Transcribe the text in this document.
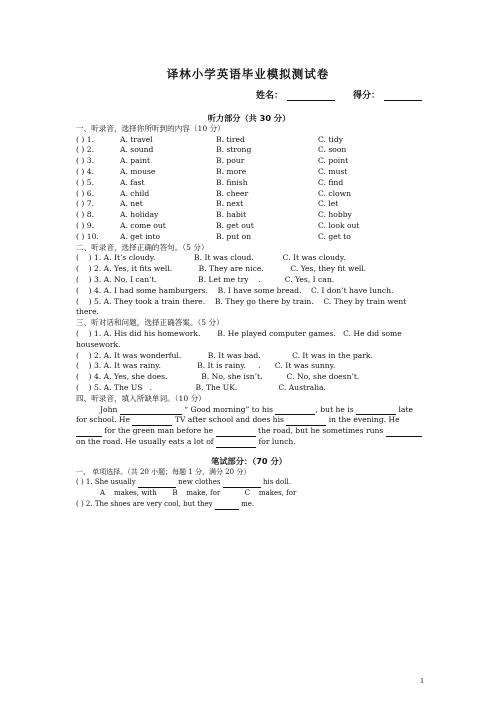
译林小学英语毕业模拟测试卷
姓名：	得分：
听力部分（共 30 分）
一、听录音，选择你所听到的内容（10 分）
( ) 1.	A. travel	B. tired	C. tidy
( ) 2.	A. sound	B. strong	C. soon
( ) 3.	A. paint	B. pour	C. point
( ) 4.	A. mouse	B. more	C. must
( ) 5.	A. fast	B. finish	C. find
( ) 6.	A. child	B. cheer	C. clown
( ) 7.	A. net	B. next	C. let
( ) 8.	A. holiday	B. habit	C. hobby
( ) 9.	A. come out	B. get out	C. look out
( ) 10.	A. get into	B. put on	C. get to
二、听录音，选择正确的答句。（5 分）
(    ) 1. A. It’s cloudy.                B. It was cloud.            C. It was cloudy.
(    ) 2. A. Yes, it fits well.           B. They are nice.           C. Yes, they fit well.
(    ) 3. A. No, I can’t.                 B. Let me try    .          C. Yes, I can.
(    ) 4. A. I had some hamburgers.    B. I have some bread.    C. I don’t have lunch.
(    ) 5. A. They took a train there.    B. They go there by train.    C. They by train went there.
三、听对话和问题，选择正确答案。（5 分）
(    ) 1. A. His did his homework.       B. He played computer games.   C. He did some housework.
(    ) 2. A. It was wonderful.           B. It was bad.             C. It was in the park.
(    ) 3. A. It was rainy.               B. It is rainy.     .      C. It was sunny.
(    ) 4. A. Yes, she does.              B. No, she isn’t.          C. No, she doesn’t.
(    ) 5. A. The US   .                  B. The UK.                 C. Australia.
四、听录音，填入所缺单词。（10 分）
John	“ Good morning” to his	, but he is	late for school. He	TV after school and does his	in the evening. He  for the green man before he	the road, but he sometimes runs  on the road. He usually eats a lot of	for lunch.
笔试部分：（70 分）
一、 单项选择。（共 20 小题；每题 1 分，满分 20 分）
( ) 1. She usually	new clothes	his doll.
A    makes, with       B    make, for           C    makes, for
( ) 2. The shoes are very cool, but they	me.
1
